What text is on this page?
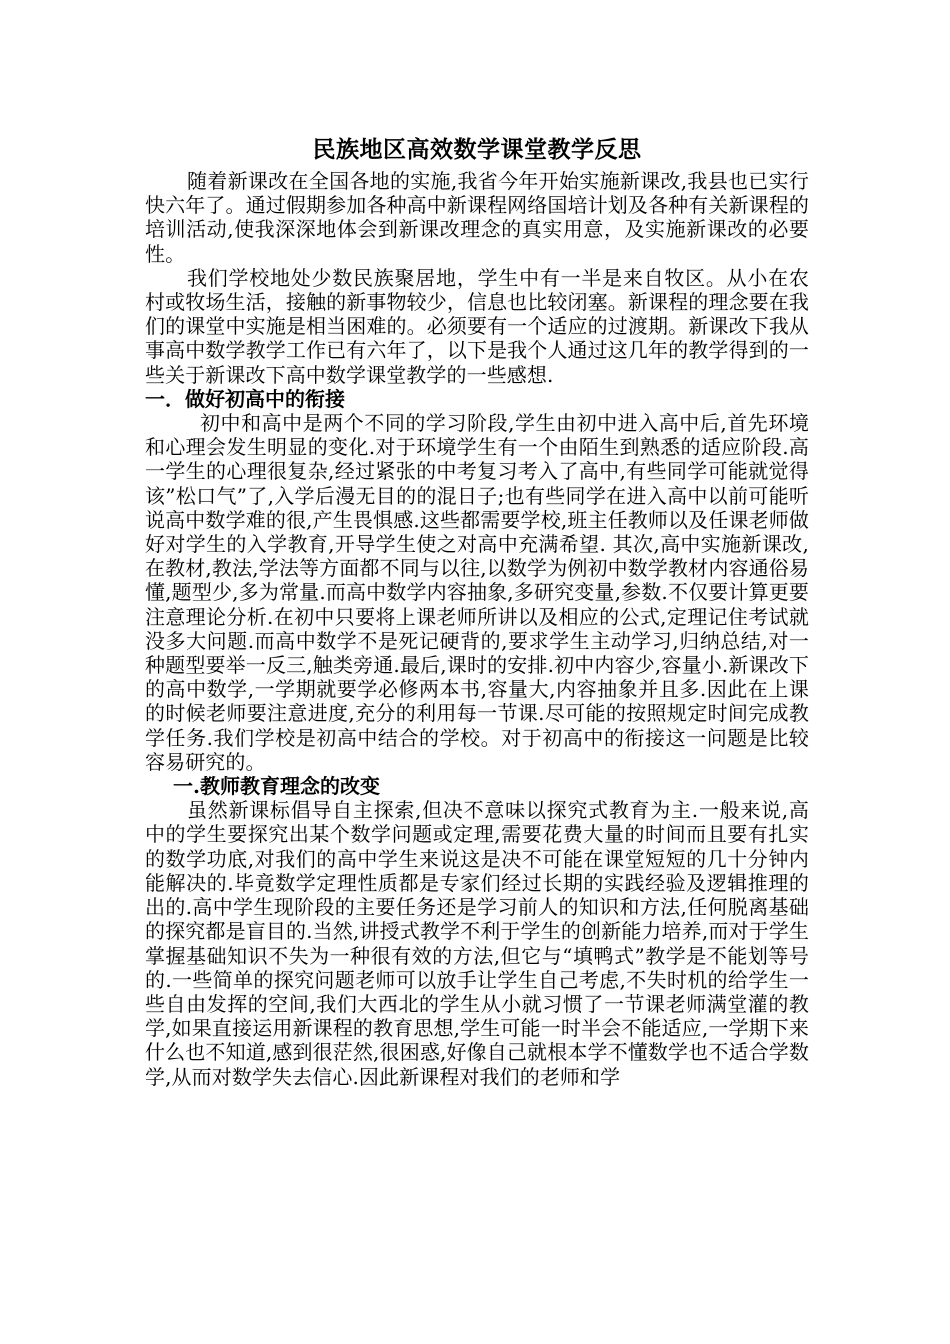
民族地区高效数学课堂教学反思

随着新课改在全国各地的实施,我省今年开始实施新课改,我县也已实行快六年了。通过假期参加各种高中新课程网络国培计划及各种有关新课程的培训活动,使我深深地体会到新课改理念的真实用意，及实施新课改的必要性。

我们学校地处少数民族聚居地，学生中有一半是来自牧区。从小在农村或牧场生活，接触的新事物较少，信息也比较闭塞。新课程的理念要在我们的课堂中实施是相当困难的。必须要有一个适应的过渡期。新课改下我从事高中数学教学工作已有六年了，以下是我个人通过这几年的教学得到的一些关于新课改下高中数学课堂教学的一些感想.

一．做好初高中的衔接

初中和高中是两个不同的学习阶段,学生由初中进入高中后,首先环境和心理会发生明显的变化.对于环境学生有一个由陌生到熟悉的适应阶段.高一学生的心理很复杂,经过紧张的中考复习考入了高中,有些同学可能就觉得该”松口气”了,入学后漫无目的的混日子;也有些同学在进入高中以前可能听说高中数学难的很,产生畏惧感.这些都需要学校,班主任教师以及任课老师做好对学生的入学教育,开导学生使之对高中充满希望. 其次,高中实施新课改,在教材,教法,学法等方面都不同与以往,以数学为例初中数学教材内容通俗易懂,题型少,多为常量.而高中数学内容抽象,多研究变量,参数.不仅要计算更要注意理论分析.在初中只要将上课老师所讲以及相应的公式,定理记住考试就没多大问题.而高中数学不是死记硬背的,要求学生主动学习,归纳总结,对一种题型要举一反三,触类旁通.最后,课时的安排.初中内容少,容量小.新课改下的高中数学,一学期就要学必修两本书,容量大,内容抽象并且多.因此在上课的时候老师要注意进度,充分的利用每一节课.尽可能的按照规定时间完成教学任务.我们学校是初高中结合的学校。对于初高中的衔接这一问题是比较容易研究的。

一.教师教育理念的改变

虽然新课标倡导自主探索,但决不意味以探究式教育为主.一般来说,高中的学生要探究出某个数学问题或定理,需要花费大量的时间而且要有扎实的数学功底,对我们的高中学生来说这是决不可能在课堂短短的几十分钟内能解决的.毕竟数学定理性质都是专家们经过长期的实践经验及逻辑推理的出的.高中学生现阶段的主要任务还是学习前人的知识和方法,任何脱离基础的探究都是盲目的.当然,讲授式教学不利于学生的创新能力培养,而对于学生掌握基础知识不失为一种很有效的方法,但它与“填鸭式”教学是不能划等号的.一些简单的探究问题老师可以放手让学生自己考虑,不失时机的给学生一些自由发挥的空间,我们大西北的学生从小就习惯了一节课老师满堂灌的教学,如果直接运用新课程的教育思想,学生可能一时半会不能适应,一学期下来什么也不知道,感到很茫然,很困惑,好像自己就根本学不懂数学也不适合学数学,从而对数学失去信心.因此新课程对我们的老师和学
